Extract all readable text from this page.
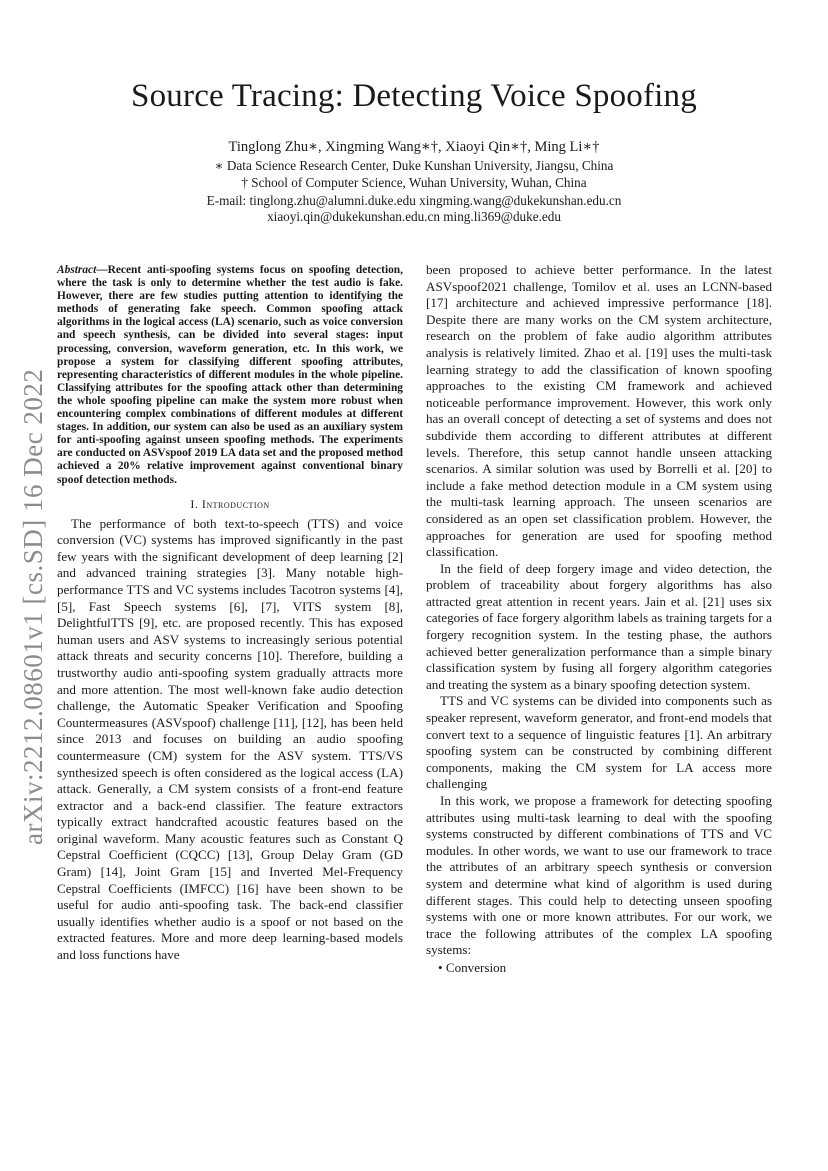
Source Tracing: Detecting Voice Spoofing
Tinglong Zhu∗, Xingming Wang∗†, Xiaoyi Qin∗†, Ming Li∗†
∗ Data Science Research Center, Duke Kunshan University, Jiangsu, China
† School of Computer Science, Wuhan University, Wuhan, China
E-mail: tinglong.zhu@alumni.duke.edu xingming.wang@dukekunshan.edu.cn
xiaoyi.qin@dukekunshan.edu.cn ming.li369@duke.edu
arXiv:2212.08601v1 [cs.SD] 16 Dec 2022
Abstract—Recent anti-spoofing systems focus on spoofing detection, where the task is only to determine whether the test audio is fake. However, there are few studies putting attention to identifying the methods of generating fake speech. Common spoofing attack algorithms in the logical access (LA) scenario, such as voice conversion and speech synthesis, can be divided into several stages: input processing, conversion, waveform generation, etc. In this work, we propose a system for classifying different spoofing attributes, representing characteristics of different modules in the whole pipeline. Classifying attributes for the spoofing attack other than determining the whole spoofing pipeline can make the system more robust when encountering complex combinations of different modules at different stages. In addition, our system can also be used as an auxiliary system for anti-spoofing against unseen spoofing methods. The experiments are conducted on ASVspoof 2019 LA data set and the proposed method achieved a 20% relative improvement against conventional binary spoof detection methods.
I. Introduction

The performance of both text-to-speech (TTS) and voice conversion (VC) systems has improved significantly in the past few years with the significant development of deep learning [2] and advanced training strategies [3]. Many notable high-performance TTS and VC systems includes Tacotron systems [4], [5], Fast Speech systems [6], [7], VITS system [8], DelightfulTTS [9], etc. are proposed recently. This has exposed human users and ASV systems to increasingly serious potential attack threats and security concerns [10]. Therefore, building a trustworthy audio anti-spoofing system gradually attracts more and more attention. The most well-known fake audio detection challenge, the Automatic Speaker Verification and Spoofing Countermeasures (ASVspoof) challenge [11], [12], has been held since 2013 and focuses on building an audio spoofing countermeasure (CM) system for the ASV system. TTS/VS synthesized speech is often considered as the logical access (LA) attack. Generally, a CM system consists of a front-end feature extractor and a back-end classifier. The feature extractors typically extract handcrafted acoustic features based on the original waveform. Many acoustic features such as Constant Q Cepstral Coefficient (CQCC) [13], Group Delay Gram (GD Gram) [14], Joint Gram [15] and Inverted Mel-Frequency Cepstral Coefficients (IMFCC) [16] have been shown to be useful for audio anti-spoofing task. The back-end classifier usually identifies whether audio is a spoof or not based on the extracted features. More and more deep learning-based models and loss functions have

been proposed to achieve better performance. In the latest ASVspoof2021 challenge, Tomilov et al. uses an LCNN-based [17] architecture and achieved impressive performance [18]. Despite there are many works on the CM system architecture, research on the problem of fake audio algorithm attributes analysis is relatively limited. Zhao et al. [19] uses the multi-task learning strategy to add the classification of known spoofing approaches to the existing CM framework and achieved noticeable performance improvement. However, this work only has an overall concept of detecting a set of systems and does not subdivide them according to different attributes at different levels. Therefore, this setup cannot handle unseen attacking scenarios. A similar solution was used by Borrelli et al. [20] to include a fake method detection module in a CM system using the multi-task learning approach. The unseen scenarios are considered as an open set classification problem. However, the approaches for generation are used for spoofing method classification.

In the field of deep forgery image and video detection, the problem of traceability about forgery algorithms has also attracted great attention in recent years. Jain et al. [21] uses six categories of face forgery algorithm labels as training targets for a forgery recognition system. In the testing phase, the authors achieved better generalization performance than a simple binary classification system by fusing all forgery algorithm categories and treating the system as a binary spoofing detection system.

TTS and VC systems can be divided into components such as speaker represent, waveform generator, and front-end models that convert text to a sequence of linguistic features [1]. An arbitrary spoofing system can be constructed by combining different components, making the CM system for LA access more challenging

In this work, we propose a framework for detecting spoofing attributes using multi-task learning to deal with the spoofing systems constructed by different combinations of TTS and VC modules. In other words, we want to use our framework to trace the attributes of an arbitrary speech synthesis or conversion system and determine what kind of algorithm is used during different stages. This could help to detecting unseen spoofing systems with one or more known attributes. For our work, we trace the following attributes of the complex LA spoofing systems:

• Conversion
